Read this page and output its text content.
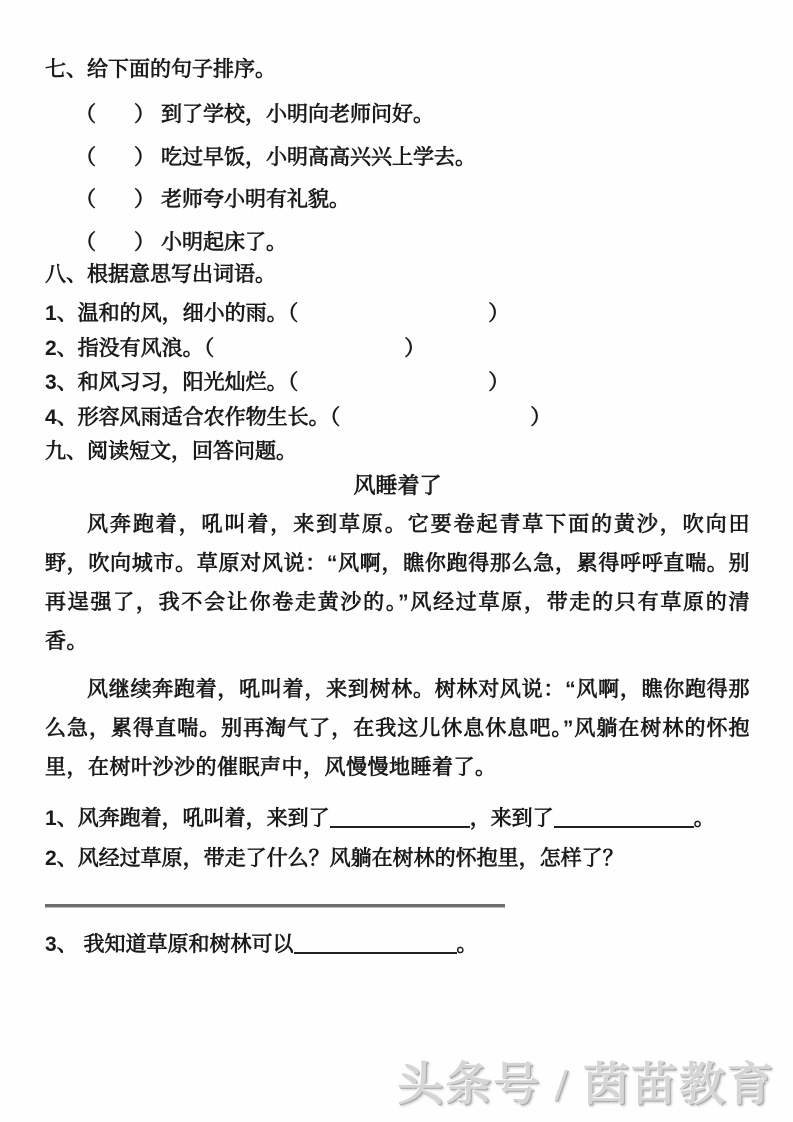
七、给下面的句子排序。
（ ） 到了学校，小明向老师问好。
（ ） 吃过早饭，小明高高兴兴上学去。
（ ） 老师夸小明有礼貌。
（ ） 小明起床了。
八、根据意思写出词语。
1、温和的风，细小的雨。（	）
2、指没有风浪。（	）
3、和风习习，阳光灿烂。（	）
4、形容风雨适合农作物生长。（	）
九、阅读短文，回答问题。
风睡着了
风奔跑着，吼叫着，来到草原。它要卷起青草下面的黄沙，吹向田野，吹向城市。草原对风说：“风啊，瞧你跑得那么急，累得呼呼直喘。别再逞强了，我不会让你卷走黄沙的。”风经过草原，带走的只有草原的清香。
风继续奔跑着，吼叫着，来到树林。树林对风说：“风啊，瞧你跑得那么急，累得直喘。别再淘气了，在我这儿休息休息吧。”风躺在树林的怀抱里，在树叶沙沙的催眠声中，风慢慢地睡着了。
1、风奔跑着，吼叫着，来到了	，来到了	。
2、风经过草原，带走了什么？风躺在树林的怀抱里，怎样了？
3、 我知道草原和树林可以	。
头条号 / 茵苗教育
